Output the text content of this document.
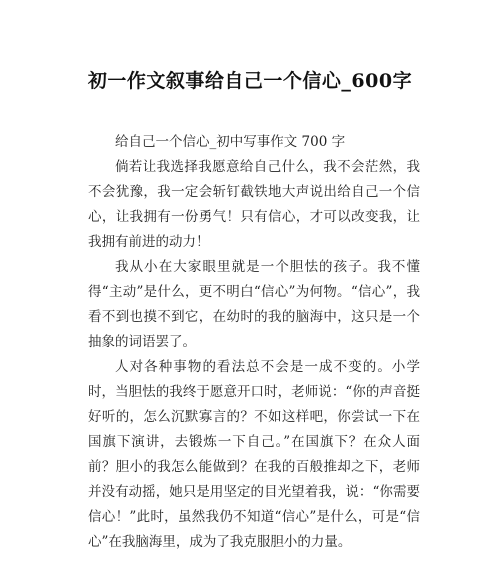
初一作文叙事给自己一个信心_600字

给自己一个信心_初中写事作文 700 字

倘若让我选择我愿意给自己什么，我不会茫然，我不会犹豫，我一定会斩钉截铁地大声说出给自己一个信心，让我拥有一份勇气！只有信心，才可以改变我，让我拥有前进的动力！

我从小在大家眼里就是一个胆怯的孩子。我不懂得“主动”是什么，更不明白“信心”为何物。“信心”，我看不到也摸不到它，在幼时的我的脑海中，这只是一个抽象的词语罢了。

人对各种事物的看法总不会是一成不变的。小学时，当胆怯的我终于愿意开口时，老师说：“你的声音挺好听的，怎么沉默寡言的？不如这样吧，你尝试一下在国旗下演讲，去锻炼一下自己。”在国旗下？在众人面前？胆小的我怎么能做到？在我的百般推却之下，老师并没有动摇，她只是用坚定的目光望着我，说：“你需要信心！”此时，虽然我仍不知道“信心”是什么，可是“信心”在我脑海里，成为了我克服胆小的力量。
